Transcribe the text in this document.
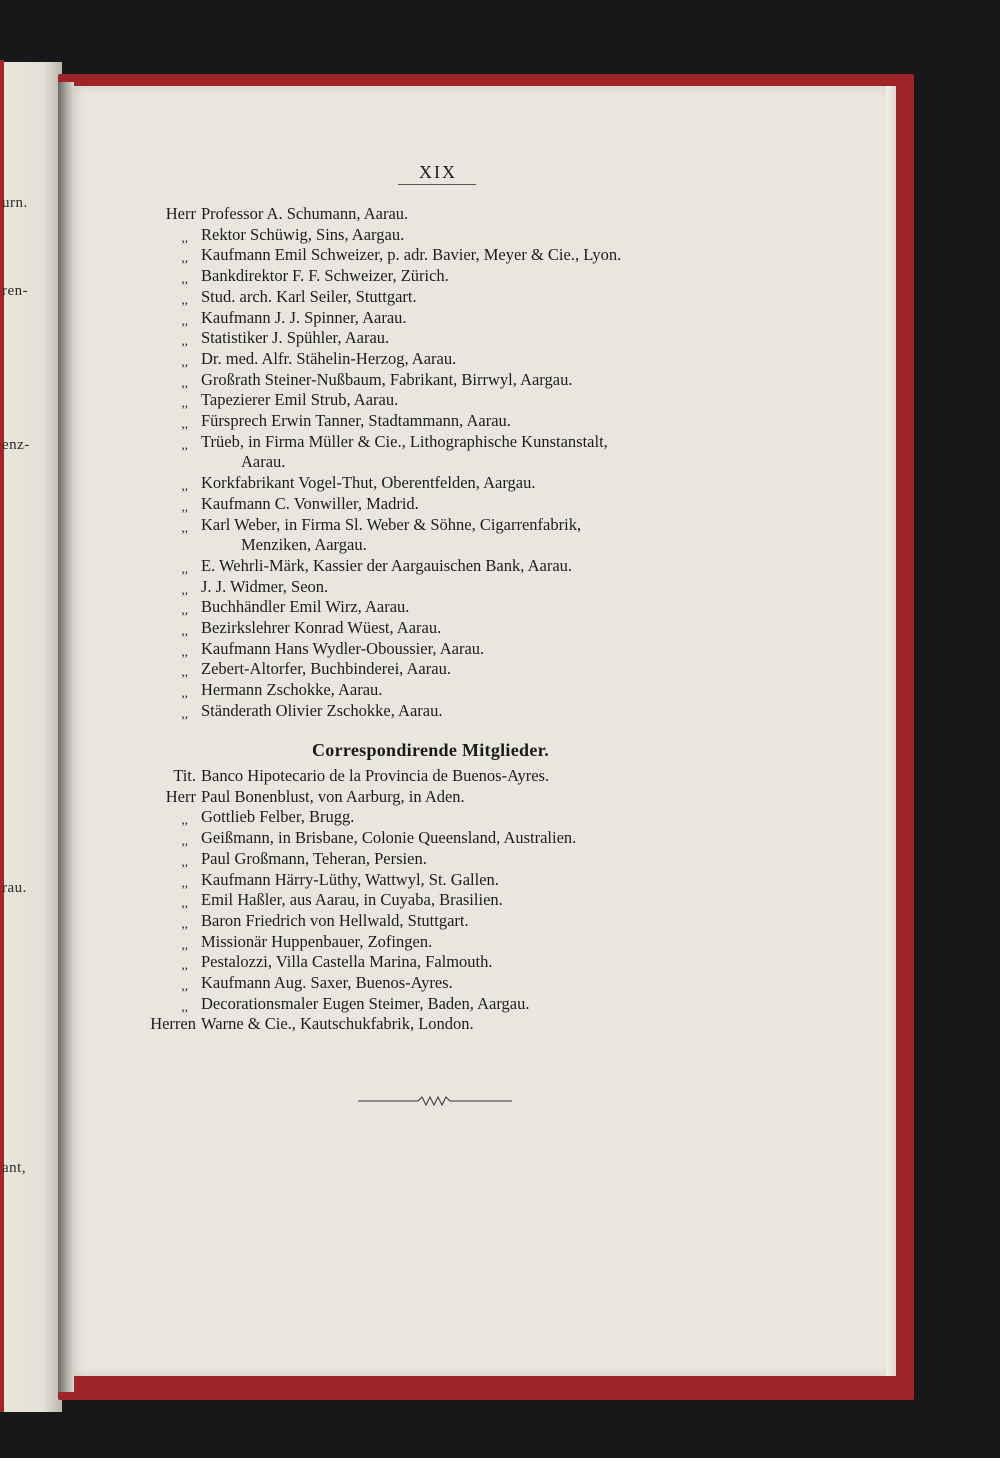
urn.
ren-
enz-
rau.
ant,
XIX
Herr Professor A. Schumann, Aarau.
,, Rektor Schüwig, Sins, Aargau.
,, Kaufmann Emil Schweizer, p. adr. Bavier, Meyer & Cie., Lyon.
,, Bankdirektor F. F. Schweizer, Zürich.
,, Stud. arch. Karl Seiler, Stuttgart.
,, Kaufmann J. J. Spinner, Aarau.
,, Statistiker J. Spühler, Aarau.
,, Dr. med. Alfr. Stähelin-Herzog, Aarau.
,, Großrath Steiner-Nußbaum, Fabrikant, Birrwyl, Aargau.
,, Tapezierer Emil Strub, Aarau.
,, Fürsprech Erwin Tanner, Stadtammann, Aarau.
,, Trüeb, in Firma Müller & Cie., Lithographische Kunstanstalt,
Aarau.
,, Korkfabrikant Vogel-Thut, Oberentfelden, Aargau.
,, Kaufmann C. Vonwiller, Madrid.
,, Karl Weber, in Firma Sl. Weber & Söhne, Cigarrenfabrik,
Menziken, Aargau.
,, E. Wehrli-Märk, Kassier der Aargauischen Bank, Aarau.
,, J. J. Widmer, Seon.
,, Buchhändler Emil Wirz, Aarau.
,, Bezirkslehrer Konrad Wüest, Aarau.
,, Kaufmann Hans Wydler-Oboussier, Aarau.
,, Zebert-Altorfer, Buchbinderei, Aarau.
,, Hermann Zschokke, Aarau.
,, Ständerath Olivier Zschokke, Aarau.
Correspondirende Mitglieder.
Tit. Banco Hipotecario de la Provincia de Buenos-Ayres.
Herr Paul Bonenblust, von Aarburg, in Aden.
,, Gottlieb Felber, Brugg.
,, Geißmann, in Brisbane, Colonie Queensland, Australien.
,, Paul Großmann, Teheran, Persien.
,, Kaufmann Härry-Lüthy, Wattwyl, St. Gallen.
,, Emil Haßler, aus Aarau, in Cuyaba, Brasilien.
,, Baron Friedrich von Hellwald, Stuttgart.
,, Missionär Huppenbauer, Zofingen.
,, Pestalozzi, Villa Castella Marina, Falmouth.
,, Kaufmann Aug. Saxer, Buenos-Ayres.
,, Decorationsmaler Eugen Steimer, Baden, Aargau.
Herren Warne & Cie., Kautschukfabrik, London.
